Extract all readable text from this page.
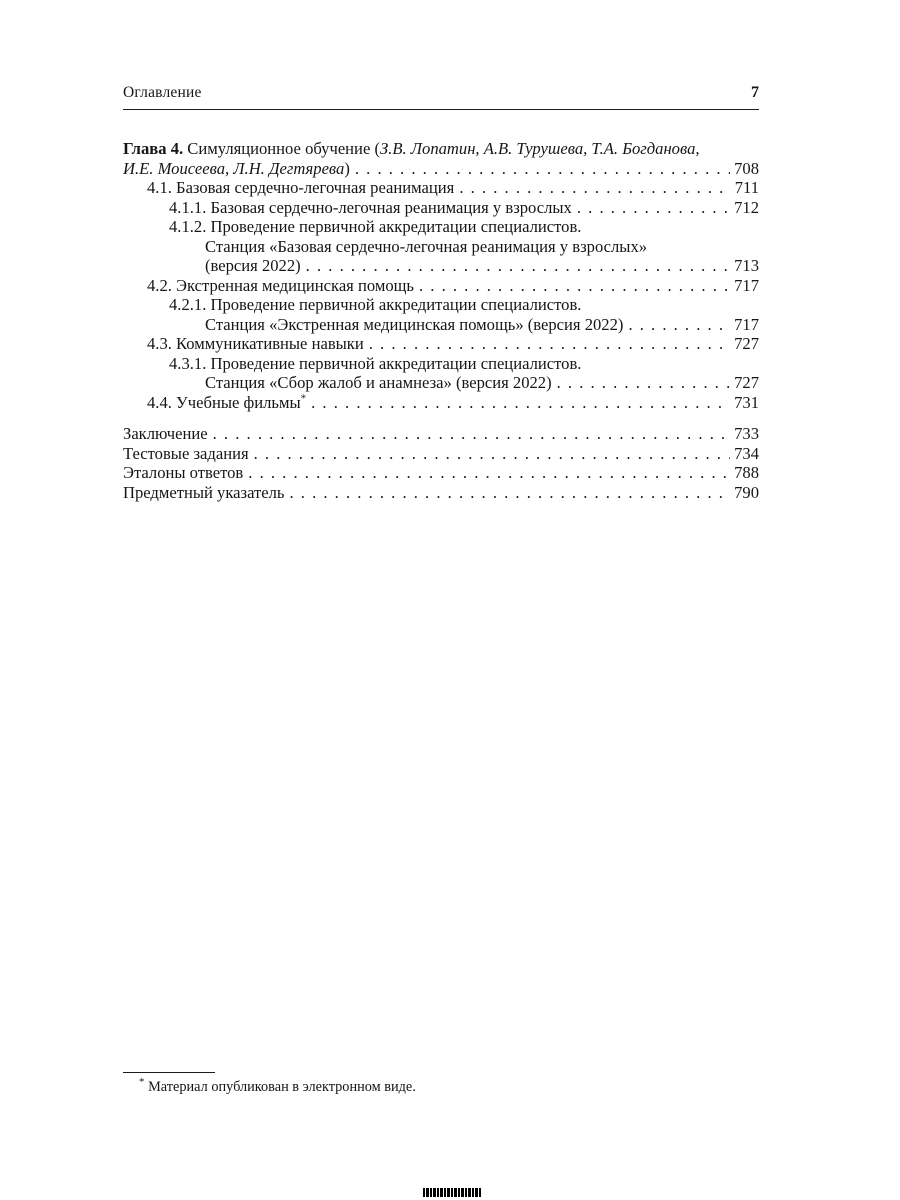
Оглавление	7
Глава 4. Симуляционное обучение (З.В. Лопатин, А.В. Турушева, Т.А. Богданова,
И.Е. Моисеева, Л.Н. Дегтярева) . . .	708
4.1. Базовая сердечно-легочная реанимация . . .	711
4.1.1. Базовая сердечно-легочная реанимация у взрослых . . .	712
4.1.2. Проведение первичной аккредитации специалистов.
Станция «Базовая сердечно-легочная реанимация у взрослых»
(версия 2022) . . .	713
4.2. Экстренная медицинская помощь . . .	717
4.2.1. Проведение первичной аккредитации специалистов.
Станция «Экстренная медицинская помощь» (версия 2022) . . .	717
4.3. Коммуникативные навыки . . .	727
4.3.1. Проведение первичной аккредитации специалистов.
Станция «Сбор жалоб и анамнеза» (версия 2022) . . .	727
4.4. Учебные фильмы* . . .	731
Заключение . . .	733
Тестовые задания . . .	734
Эталоны ответов . . .	788
Предметный указатель . . .	790
* Материал опубликован в электронном виде.
